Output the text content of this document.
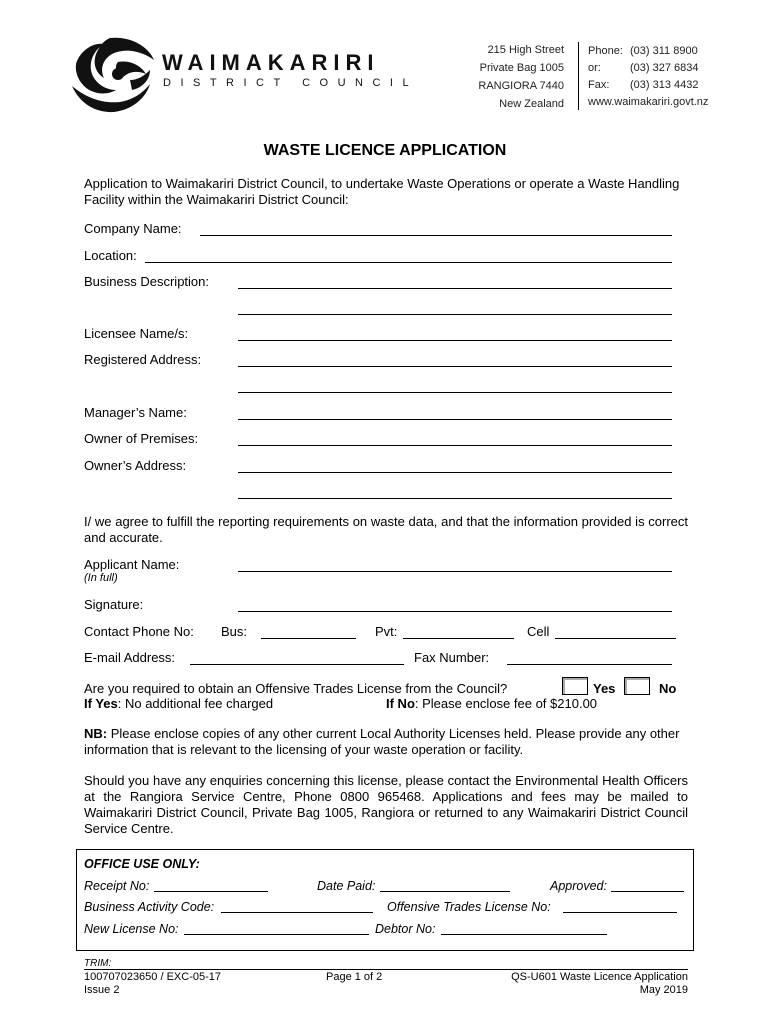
WAIMAKARIRI
DISTRICT COUNCIL
215 High Street
Private Bag 1005
RANGIORA 7440
New Zealand
Phone: (03) 311 8900
or:	(03) 327 6834
Fax: (03) 313 4432
www.waimakariri.govt.nz
WASTE LICENCE APPLICATION
Application to Waimakariri District Council, to undertake Waste Operations or operate a Waste Handling Facility within the Waimakariri District Council:
Company Name:
Location:
Business Description:
Licensee Name/s:
Registered Address:
Manager’s Name:
Owner of Premises:
Owner’s Address:
I/ we agree to fulfill the reporting requirements on waste data, and that the information provided is correct and accurate.
Applicant Name:
(In full)
Signature:
Contact Phone No: Bus:	Pvt:	Cell
E-mail Address:	Fax Number:
Are you required to obtain an Offensive Trades License from the Council?	Yes	No
If Yes: No additional fee charged	If No: Please enclose fee of $210.00
NB: Please enclose copies of any other current Local Authority Licenses held. Please provide any other information that is relevant to the licensing of your waste operation or facility.
Should you have any enquiries concerning this license, please contact the Environmental Health Officers at the Rangiora Service Centre, Phone 0800 965468. Applications and fees may be mailed to Waimakariri District Council, Private Bag 1005, Rangiora or returned to any Waimakariri District Council Service Centre.
OFFICE USE ONLY:
Receipt No:	Date Paid:	Approved:
Business Activity Code:	Offensive Trades License No:
New License No:	Debtor No:
TRIM:
100707023650 / EXC-05-17
Issue 2
Page 1 of 2	QS-U601 Waste Licence Application
May 2019
